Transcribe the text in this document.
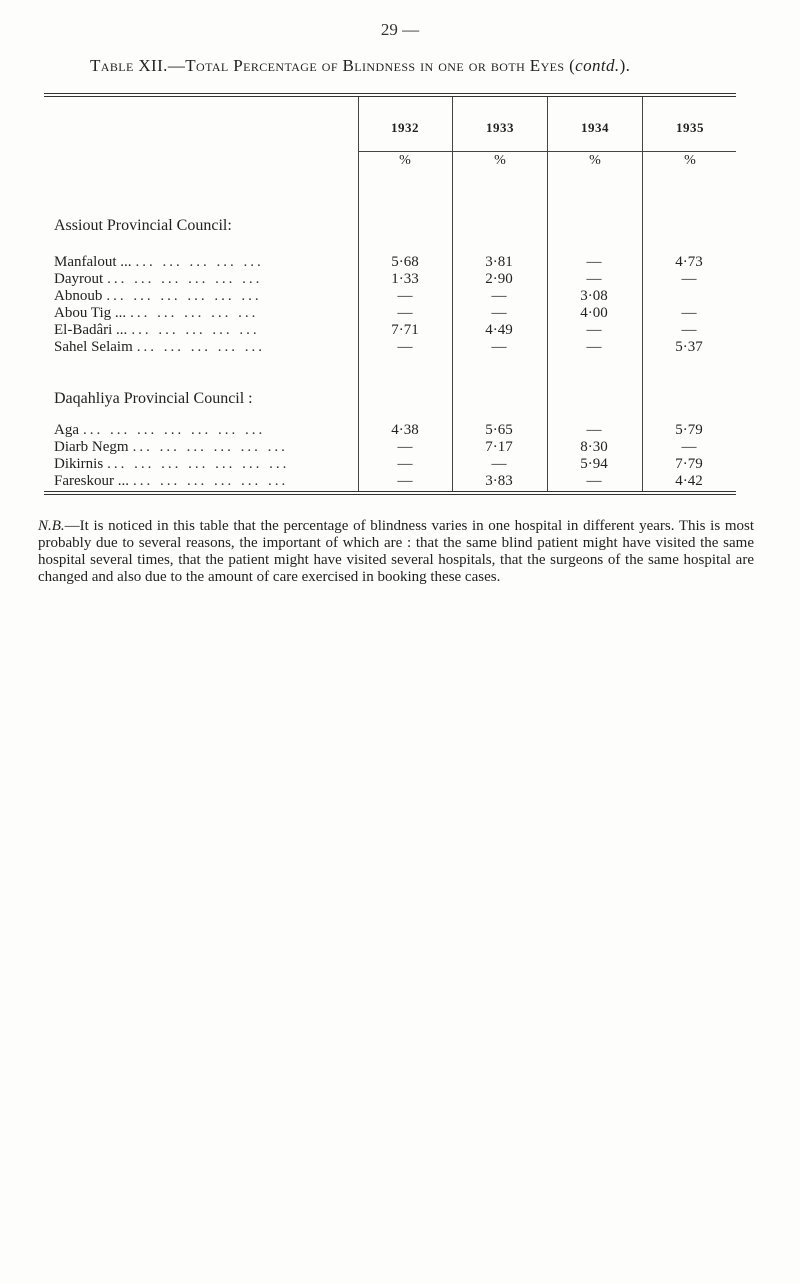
29 —
Table XII.—Total Percentage of Blindness in one or both Eyes (contd.).
1932	1933	1934	1935
%	%	%	%
Assiout Provincial Council:
Manfalout ... ... ... ... ... ...	5·68	3·81	—	4·73
Dayrout ... ... ... ... ... ...	1·33	2·90	—	—
Abnoub ... ... ... ... ... ...	—	—	3·08
Abou Tig ... ... ... ... ... ...	—	—	4·00	—
El-Badâri ... ... ... ... ... ...	7·71	4·49	—	—
Sahel Selaim ... ... ... ... ...	—	—	—	5·37
Daqahliya Provincial Council :
Aga ... ... ... ... ... ... ...	4·38	5·65	—	5·79
Diarb Negm ... ... ... ... ... ...	—	7·17	8·30	—
Dikirnis ... ... ... ... ... ... ...	—	—	5·94	7·79
Fareskour ... ... ... ... ... ... ...	—	3·83	—	4·42
N.B.—It is noticed in this table that the percentage of blindness varies in one hospital in different years. This is most probably due to several reasons, the important of which are : that the same blind patient might have visited the same hospital several times, that the patient might have visited several hospitals, that the surgeons of the same hospital are changed and also due to the amount of care exercised in booking these cases.
